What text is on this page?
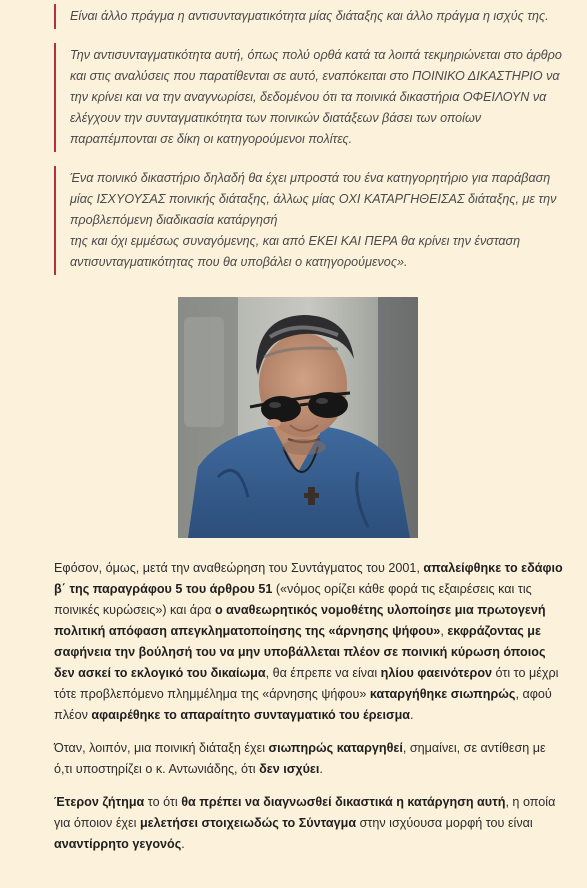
Είναι άλλο πράγμα η αντισυνταγματικότητα μίας διάταξης και άλλο πράγμα η ισχύς της.
Την αντισυνταγματικότητα αυτή, όπως πολύ ορθά κατά τα λοιπά τεκμηριώνεται στο άρθρο και στις αναλύσεις που παρατίθενται σε αυτό, εναπόκειται στο ΠΟΙΝΙΚΟ ΔΙΚΑΣΤΗΡΙΟ να την κρίνει και να την αναγνωρίσει, δεδομένου ότι τα ποινικά δικαστήρια ΟΦΕΙΛΟΥΝ να ελέγχουν την συνταγματικότητα των ποινικών διατάξεων βάσει των οποίων παραπέμπονται σε δίκη οι κατηγορούμενοι πολίτες.
Ένα ποινικό δικαστήριο δηλαδή θα έχει μπροστά του ένα κατηγορητήριο για παράβαση μίας ΙΣΧΥΟΥΣΑΣ ποινικής διάταξης, άλλως μίας ΟΧΙ ΚΑΤΑΡΓΗΘΕΙΣΑΣ διάταξης, με την προβλεπόμενη διαδικασία κατάργησή
της και όχι εμμέσως συναγόμενης, και από ΕΚΕΙ ΚΑΙ ΠΕΡΑ θα κρίνει την ένσταση αντισυνταγματικότητας που θα υποβάλει ο κατηγορούμενος».

Εφόσον, όμως, μετά την αναθεώρηση του Συντάγματος του 2001, απαλείφθηκε το εδάφιο β΄ της παραγράφου 5 του άρθρου 51 («νόμος ορίζει κάθε φορά τις εξαιρέσεις και τις ποινικές κυρώσεις») και άρα ο αναθεωρητικός νομοθέτης υλοποίησε μια πρωτογενή πολιτική απόφαση απεγκληματοποίησης της «άρνησης ψήφου», εκφράζοντας με σαφήνεια την βούλησή του να μην υποβάλλεται πλέον σε ποινική κύρωση όποιος δεν ασκεί το εκλογικό του δικαίωμα, θα έπρεπε να είναι ηλίου φαεινότερον ότι το μέχρι τότε προβλεπόμενο πλημμέλημα της «άρνησης ψήφου» καταργήθηκε σιωπηρώς, αφού πλέον αφαιρέθηκε το απαραίτητο συνταγματικό του έρεισμα.

Όταν, λοιπόν, μια ποινική διάταξη έχει σιωπηρώς καταργηθεί, σημαίνει, σε αντίθεση με ό,τι υποστηρίζει ο κ. Αντωνιάδης, ότι δεν ισχύει.

Έτερον ζήτημα το ότι θα πρέπει να διαγνωσθεί δικαστικά η κατάργηση αυτή, η οποία για όποιον έχει μελετήσει στοιχειωδώς το Σύνταγμα στην ισχύουσα μορφή του είναι αναντίρρητο γεγονός.
